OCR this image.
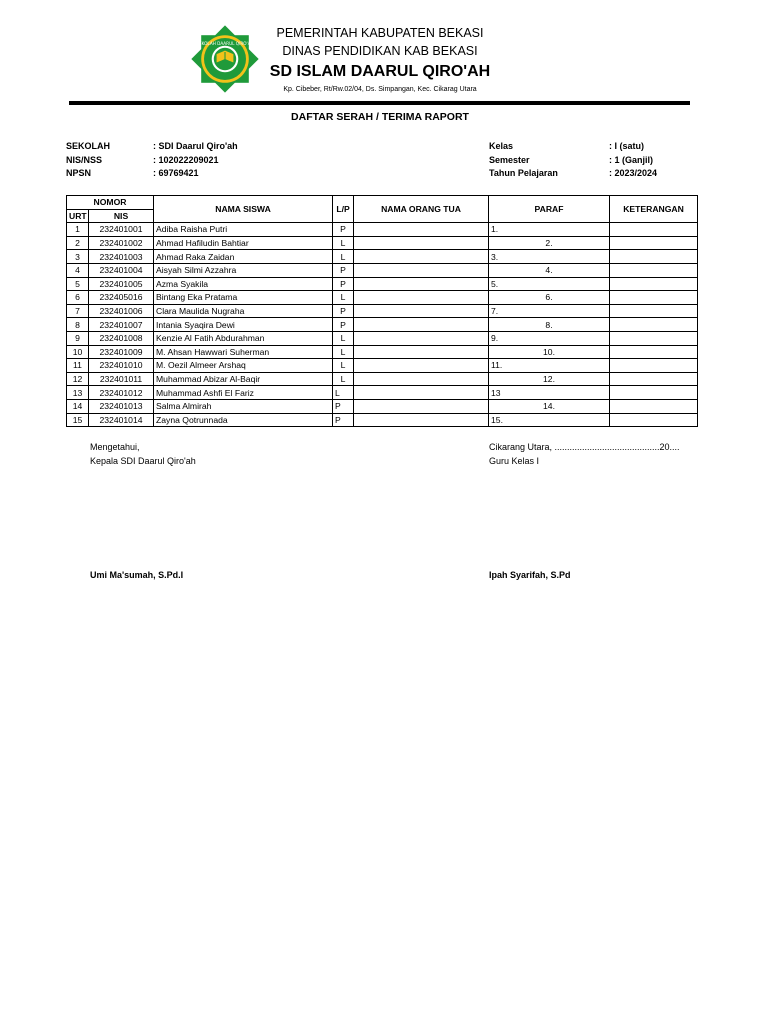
SEKOLAH DAARUL QIRO'AH
PEMERINTAH KABUPATEN BEKASI
DINAS PENDIDIKAN KAB BEKASI
SD ISLAM DAARUL QIRO'AH
Kp. Cibeber, Rt/Rw.02/04, Ds. Simpangan, Kec. Cikarag Utara
DAFTAR SERAH / TERIMA RAPORT
SEKOLAH	: SDI Daarul Qiro'ah
NIS/NSS	: 102022209021
NPSN	: 69769421
Kelas	: I (satu)
Semester	: 1 (Ganjil)
Tahun Pelajaran	: 2023/2024
NOMOR		NAMA SISWA	L/P	NAMA ORANG TUA	PARAF	KETERANGAN
URT	NIS					
1	232401001	Adiba Raisha Putri	P		1.	
2	232401002	Ahmad Hafiludin Bahtiar	L		2.	
3	232401003	Ahmad Raka Zaidan	L		3.	
4	232401004	Aisyah Silmi Azzahra	P		4.	
5	232401005	Azma Syakila	P		5.	
6	232405016	Bintang Eka Pratama	L		6.	
7	232401006	Clara Maulida Nugraha	P		7.	
8	232401007	Intania Syaqira Dewi	P		8.	
9	232401008	Kenzie Al Fatih Abdurahman	L		9.	
10	232401009	M. Ahsan Hawwari Suherman	L		10.	
11	232401010	M. Oezil Almeer Arshaq	L		11.	
12	232401011	Muhammad Abizar Al-Baqir	L		12.	
13	232401012	Muhammad Ashfi El Fariz	L		13	
14	232401013	Salma Almirah	P		14.	
15	232401014	Zayna Qotrunnada	P		15.	
Mengetahui,
Kepala SDI Daarul Qiro'ah
Umi Ma'sumah, S.Pd.I
Cikarang Utara, ..........................................20....
Guru Kelas I
Ipah Syarifah, S.Pd
